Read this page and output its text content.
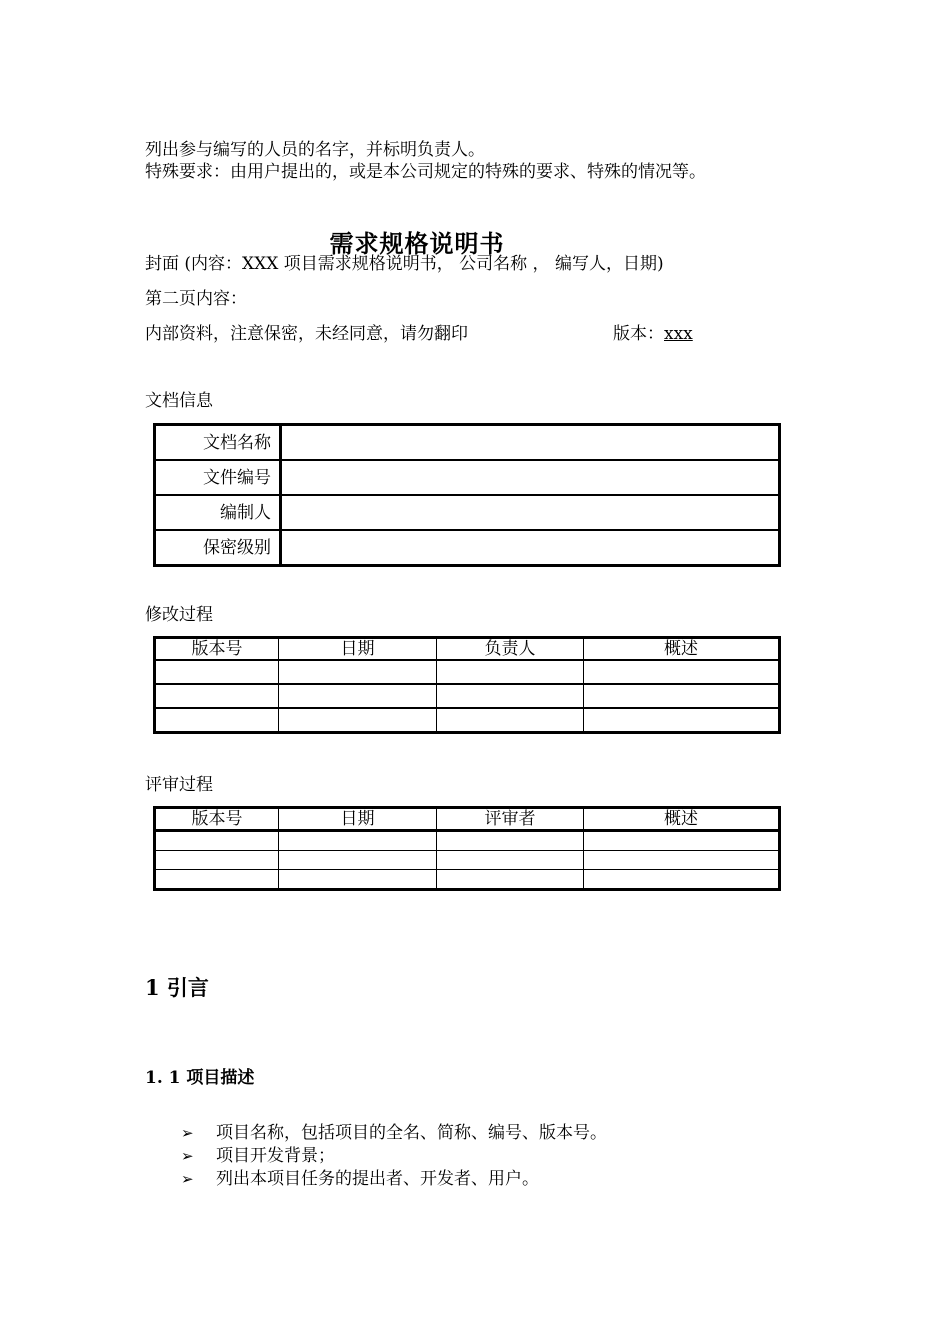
列出参与编写的人员的名字，并标明负责人。
特殊要求：由用户提出的，或是本公司规定的特殊的要求、特殊的情况等。
需求规格说明书
封面 (内容：XXX 项目需求规格说明书， 公司名称 ， 编写人，日期)
第二页内容：
内部资料，注意保密，未经同意，请勿翻印	版本：xxx
文档信息
文档名称	
文件编号	
编制人	
保密级别	
修改过程
版本号	日期	负责人	概述

评审过程
版本号	日期	评审者	概述

1 引言
1. 1 项目描述
➢ 项目名称，包括项目的全名、简称、编号、版本号。
➢ 项目开发背景；
➢ 列出本项目任务的提出者、开发者、用户。
